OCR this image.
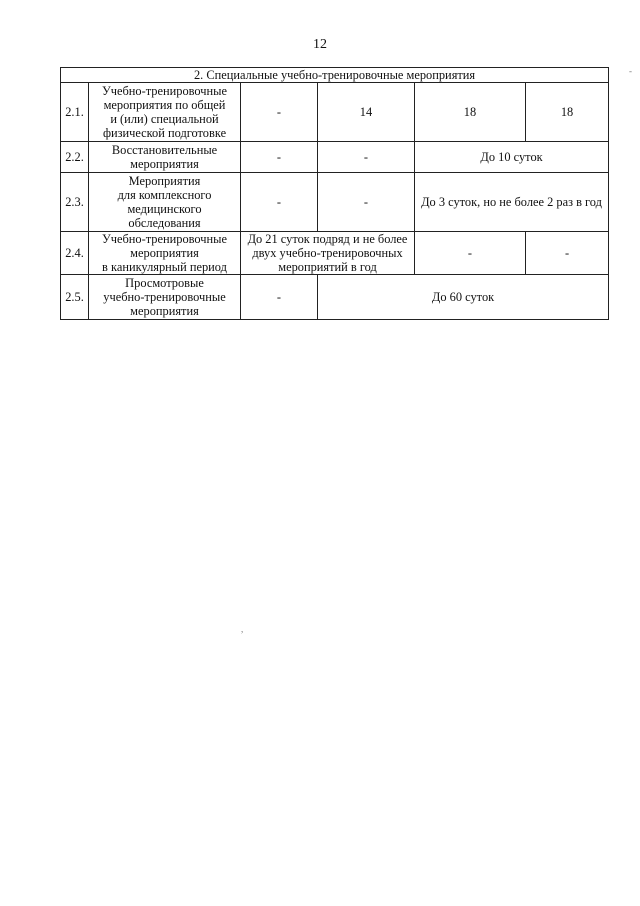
12
-
2. Специальные учебно-тренировочные мероприятия					
2.1.	Учебно-тренировочные
мероприятия по общей
и (или) специальной
физической подготовке	-	14	18	18
2.2.	Восстановительные
мероприятия	-	-	До 10 суток	
2.3.	Мероприятия
для комплексного
медицинского
обследования	-	-	До 3 суток, но не более 2 раз в год	
2.4.	Учебно-тренировочные
мероприятия
в каникулярный период	До 21 суток подряд и не более
двух учебно-тренировочных
мероприятий в год		-	-
2.5.	Просмотровые
учебно-тренировочные
мероприятия	-	До 60 суток		
,
